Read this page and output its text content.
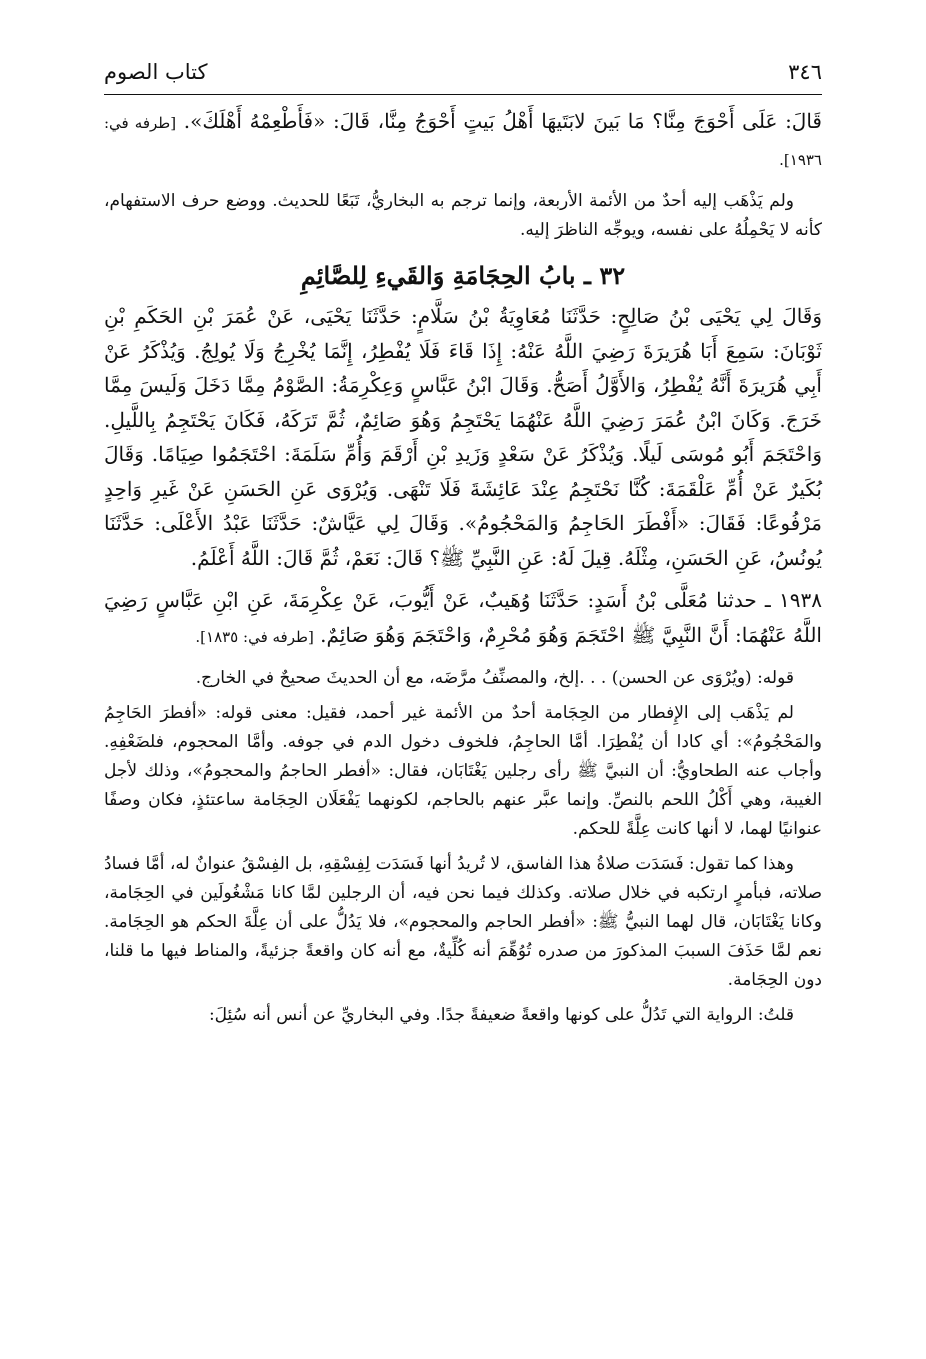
٣٤٦
كتاب الصوم

قَالَ: عَلَى أَحْوَجَ مِنَّا؟ مَا بَينَ لابَتَيهَا أَهْلُ بَيتٍ أَحْوَجُ مِنَّا، قَالَ: «فَأَطْعِمْهُ أَهْلَكَ». [طرفه في: ١٩٣٦].

ولم يَذْهَب إليه أحدٌ من الأئمة الأربعة، وإنما ترجم به البخاريُّ، تَبَعًا للحديث. ووضع حرف الاستفهام، كأنه لا يَحْمِلُهُ على نفسه، ويوجِّه الناظرَ إليه.

٣٢ ـ بابُ الحِجَامَةِ وَالقَيءِ لِلصَّائِمِ

وَقَالَ لِي يَحْيَى بْنُ صَالِحٍ: حَدَّثَنَا مُعَاوِيَةُ بْنُ سَلَّامٍ: حَدَّثَنَا يَحْيَى، عَنْ عُمَرَ بْنِ الحَكَمِ بْنِ ثَوْبَانَ: سَمِعَ أَبَا هُرَيرَةَ رَضِيَ اللَّهُ عَنْهُ: إِذَا قَاءَ فَلَا يُفْطِرُ، إِنَّمَا يُخْرِجُ وَلَا يُولِجُ. وَيُذْكَرُ عَنْ أَبِي هُرَيرَةَ أَنَّهُ يُفْطِرُ، وَالأَوَّلُ أَصَحُّ. وَقَالَ ابْنُ عَبَّاسٍ وَعِكْرِمَةُ: الصَّوْمُ مِمَّا دَخَلَ وَلَيسَ مِمَّا خَرَجَ. وَكَانَ ابْنُ عُمَرَ رَضِيَ اللَّهُ عَنْهُمَا يَحْتَجِمُ وَهُوَ صَائِمٌ، ثُمَّ تَرَكَهُ، فَكَانَ يَحْتَجِمُ بِاللَّيلِ. وَاحْتَجَمَ أَبُو مُوسَى لَيلًا. وَيُذْكَرُ عَنْ سَعْدٍ وَزَيدِ بْنِ أَرْقَمَ وَأُمِّ سَلَمَةَ: احْتَجَمُوا صِيَامًا. وَقَالَ بُكَيرٌ عَنْ أُمِّ عَلْقَمَةَ: كُنَّا نَحْتَجِمُ عِنْدَ عَائِشَةَ فَلَا تَنْهَى. وَيُرْوَى عَنِ الحَسَنِ عَنْ غَيرِ وَاحِدٍ مَرْفُوعًا: فَقَالَ: «أَفْطَرَ الحَاجِمُ وَالمَحْجُومُ». وَقَالَ لِي عَيَّاشٌ: حَدَّثَنَا عَبْدُ الأَعْلَى: حَدَّثَنَا يُونُسُ، عَنِ الحَسَنِ، مِثْلَهُ. قِيلَ لَهُ: عَنِ النَّبِيِّ ﷺ؟ قَالَ: نَعَمْ، ثُمَّ قَالَ: اللَّهُ أَعْلَمُ.

١٩٣٨ ـ حدثنا مُعَلَّى بْنُ أَسَدٍ: حَدَّثَنَا وُهَيبٌ، عَنْ أَيُّوبَ، عَنْ عِكْرِمَةَ، عَنِ ابْنِ عَبَّاسٍ رَضِيَ اللَّهُ عَنْهُمَا: أَنَّ النَّبِيَّ ﷺ احْتَجَمَ وَهُوَ مُحْرِمٌ، وَاحْتَجَمَ وَهُوَ صَائِمٌ. [طرفه في: ١٨٣٥].

قوله: (ويُرْوَى عن الحسن) . . .إلخ، والمصنِّفُ مرَّضَه، مع أن الحديثَ صحيحٌ في الخارج.

لم يَذْهَب إلى الإِفطار من الحِجَامة أحدٌ من الأئمة غير أحمد، فقيل: معنى قوله: «أفطرَ الحَاجِمُ والمَحْجُومُ»: أي كادا أن يُفْطِرَا. أمَّا الحاجِمُ، فلخوف دخول الدم في جوفه. وأمَّا المحجوم، فلضَعْفِهِ. وأجاب عنه الطحاويُّ: أن النبيَّ ﷺ رأى رجلين يَغْتَابَان، فقال: «أفطر الحاجمُ والمحجومُ»، وذلك لأجل الغيبة، وهي أَكْلُ اللحم بالنصِّ. وإنما عبَّر عنهم بالحاجم، لكونهما يَفْعَلَان الحِجَامة ساعتئذٍ، فكان وصفًا عنوانيًا لهما، لا أنها كانت عِلَّةً للحكم.

وهذا كما تقول: فَسَدَت صلاةُ هذا الفاسق، لا تُريدُ أنها فَسَدَت لِفِسْقِهِ، بل الفِسْقُ عنوانٌ له، أمَّا فسادُ صلاته، فبأمرٍ ارتكبه في خلال صلاته. وكذلك فيما نحن فيه، أن الرجلين لمَّا كانا مَشْغُولَين في الحِجَامة، وكانا يَغْتَابَان، قال لهما النبيُّ ﷺ: «أفطر الحاجم والمحجوم»، فلا يَدُلُّ على أن عِلَّةَ الحكم هو الحِجَامة. نعم لمَّا حَذَفَ السببَ المذكورَ من صدره تُوُهِّمَ أنه كُلِّيةٌ، مع أنه كان واقعةً جزئيةً، والمناط فيها ما قلنا، دون الحِجَامة.

قلتُ: الرواية التي تَدُلُّ على كونها واقعةً ضعيفةً جدًا. وفي البخاريِّ عن أنس أنه سُئِلَ:
